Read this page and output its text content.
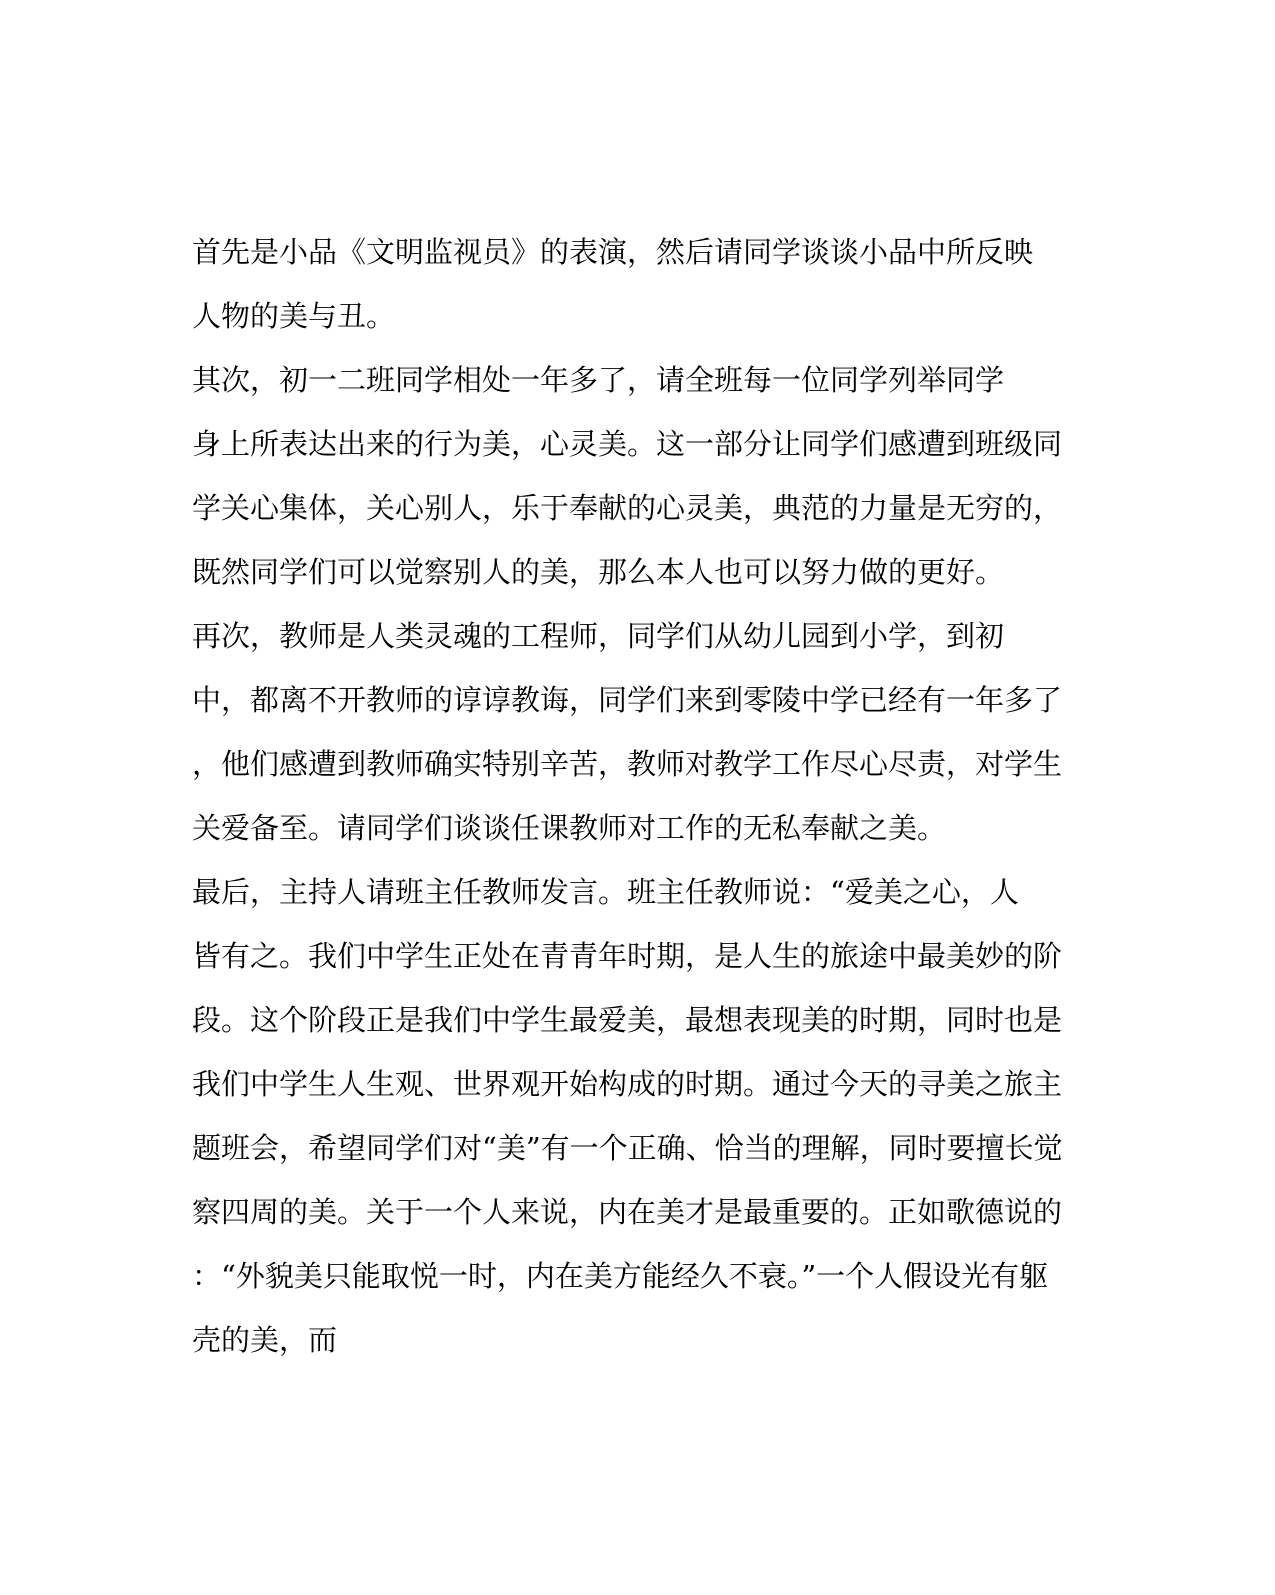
首先是小品《文明监视员》的表演，然后请同学谈谈小品中所反映
人物的美与丑。
其次，初一二班同学相处一年多了，请全班每一位同学列举同学
身上所表达出来的行为美，心灵美。这一部分让同学们感遭到班级同
学关心集体，关心别人，乐于奉献的心灵美，典范的力量是无穷的，
既然同学们可以觉察别人的美，那么本人也可以努力做的更好。
再次，教师是人类灵魂的工程师，同学们从幼儿园到小学，到初
中，都离不开教师的谆谆教诲，同学们来到零陵中学已经有一年多了
，他们感遭到教师确实特别辛苦，教师对教学工作尽心尽责，对学生
关爱备至。请同学们谈谈任课教师对工作的无私奉献之美。
最后，主持人请班主任教师发言。班主任教师说：“爱美之心，人
皆有之。我们中学生正处在青青年时期，是人生的旅途中最美妙的阶
段。这个阶段正是我们中学生最爱美，最想表现美的时期，同时也是
我们中学生人生观、世界观开始构成的时期。通过今天的寻美之旅主
题班会，希望同学们对“美”有一个正确、恰当的理解，同时要擅长觉
察四周的美。关于一个人来说，内在美才是最重要的。正如歌德说的
：“外貌美只能取悦一时，内在美方能经久不衰。”一个人假设光有躯
壳的美，而
